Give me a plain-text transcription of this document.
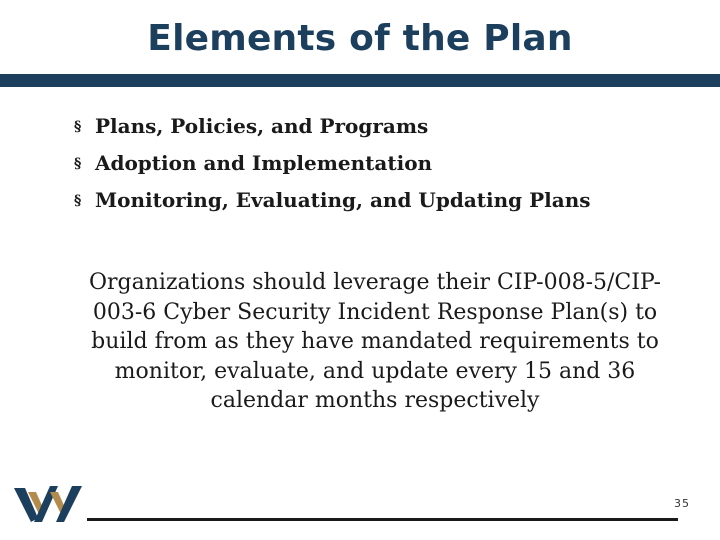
Elements of the Plan
§ Plans, Policies, and Programs
§ Adoption and Implementation
§ Monitoring, Evaluating, and Updating Plans
Organizations should leverage their CIP-008-5/CIP-003-6 Cyber Security Incident Response Plan(s) to build from as they have mandated requirements to monitor, evaluate, and update every 15 and 36 calendar months respectively
35
